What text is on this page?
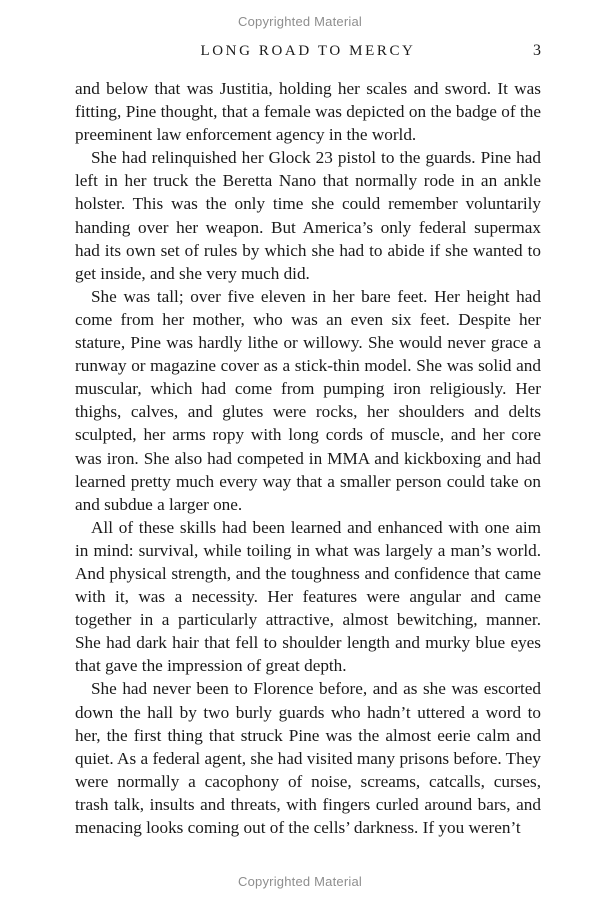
Copyrighted Material
LONG ROAD TO MERCY	3

and below that was Justitia, holding her scales and sword. It was fitting, Pine thought, that a female was depicted on the badge of the preeminent law enforcement agency in the world.

She had relinquished her Glock 23 pistol to the guards. Pine had left in her truck the Beretta Nano that normally rode in an ankle holster. This was the only time she could remember voluntarily handing over her weapon. But America’s only federal supermax had its own set of rules by which she had to abide if she wanted to get inside, and she very much did.

She was tall; over five eleven in her bare feet. Her height had come from her mother, who was an even six feet. Despite her stature, Pine was hardly lithe or willowy. She would never grace a runway or magazine cover as a stick-thin model. She was solid and muscular, which had come from pumping iron religiously. Her thighs, calves, and glutes were rocks, her shoulders and delts sculpted, her arms ropy with long cords of muscle, and her core was iron. She also had competed in MMA and kickboxing and had learned pretty much every way that a smaller person could take on and subdue a larger one.

All of these skills had been learned and enhanced with one aim in mind: survival, while toiling in what was largely a man’s world. And physical strength, and the toughness and confidence that came with it, was a necessity. Her features were angular and came together in a particularly attractive, almost bewitching, manner. She had dark hair that fell to shoulder length and murky blue eyes that gave the impression of great depth.

She had never been to Florence before, and as she was escorted down the hall by two burly guards who hadn’t uttered a word to her, the first thing that struck Pine was the almost eerie calm and quiet. As a federal agent, she had visited many prisons before. They were normally a cacophony of noise, screams, catcalls, curses, trash talk, insults and threats, with fingers curled around bars, and menacing looks coming out of the cells’ darkness. If you weren’t

Copyrighted Material
